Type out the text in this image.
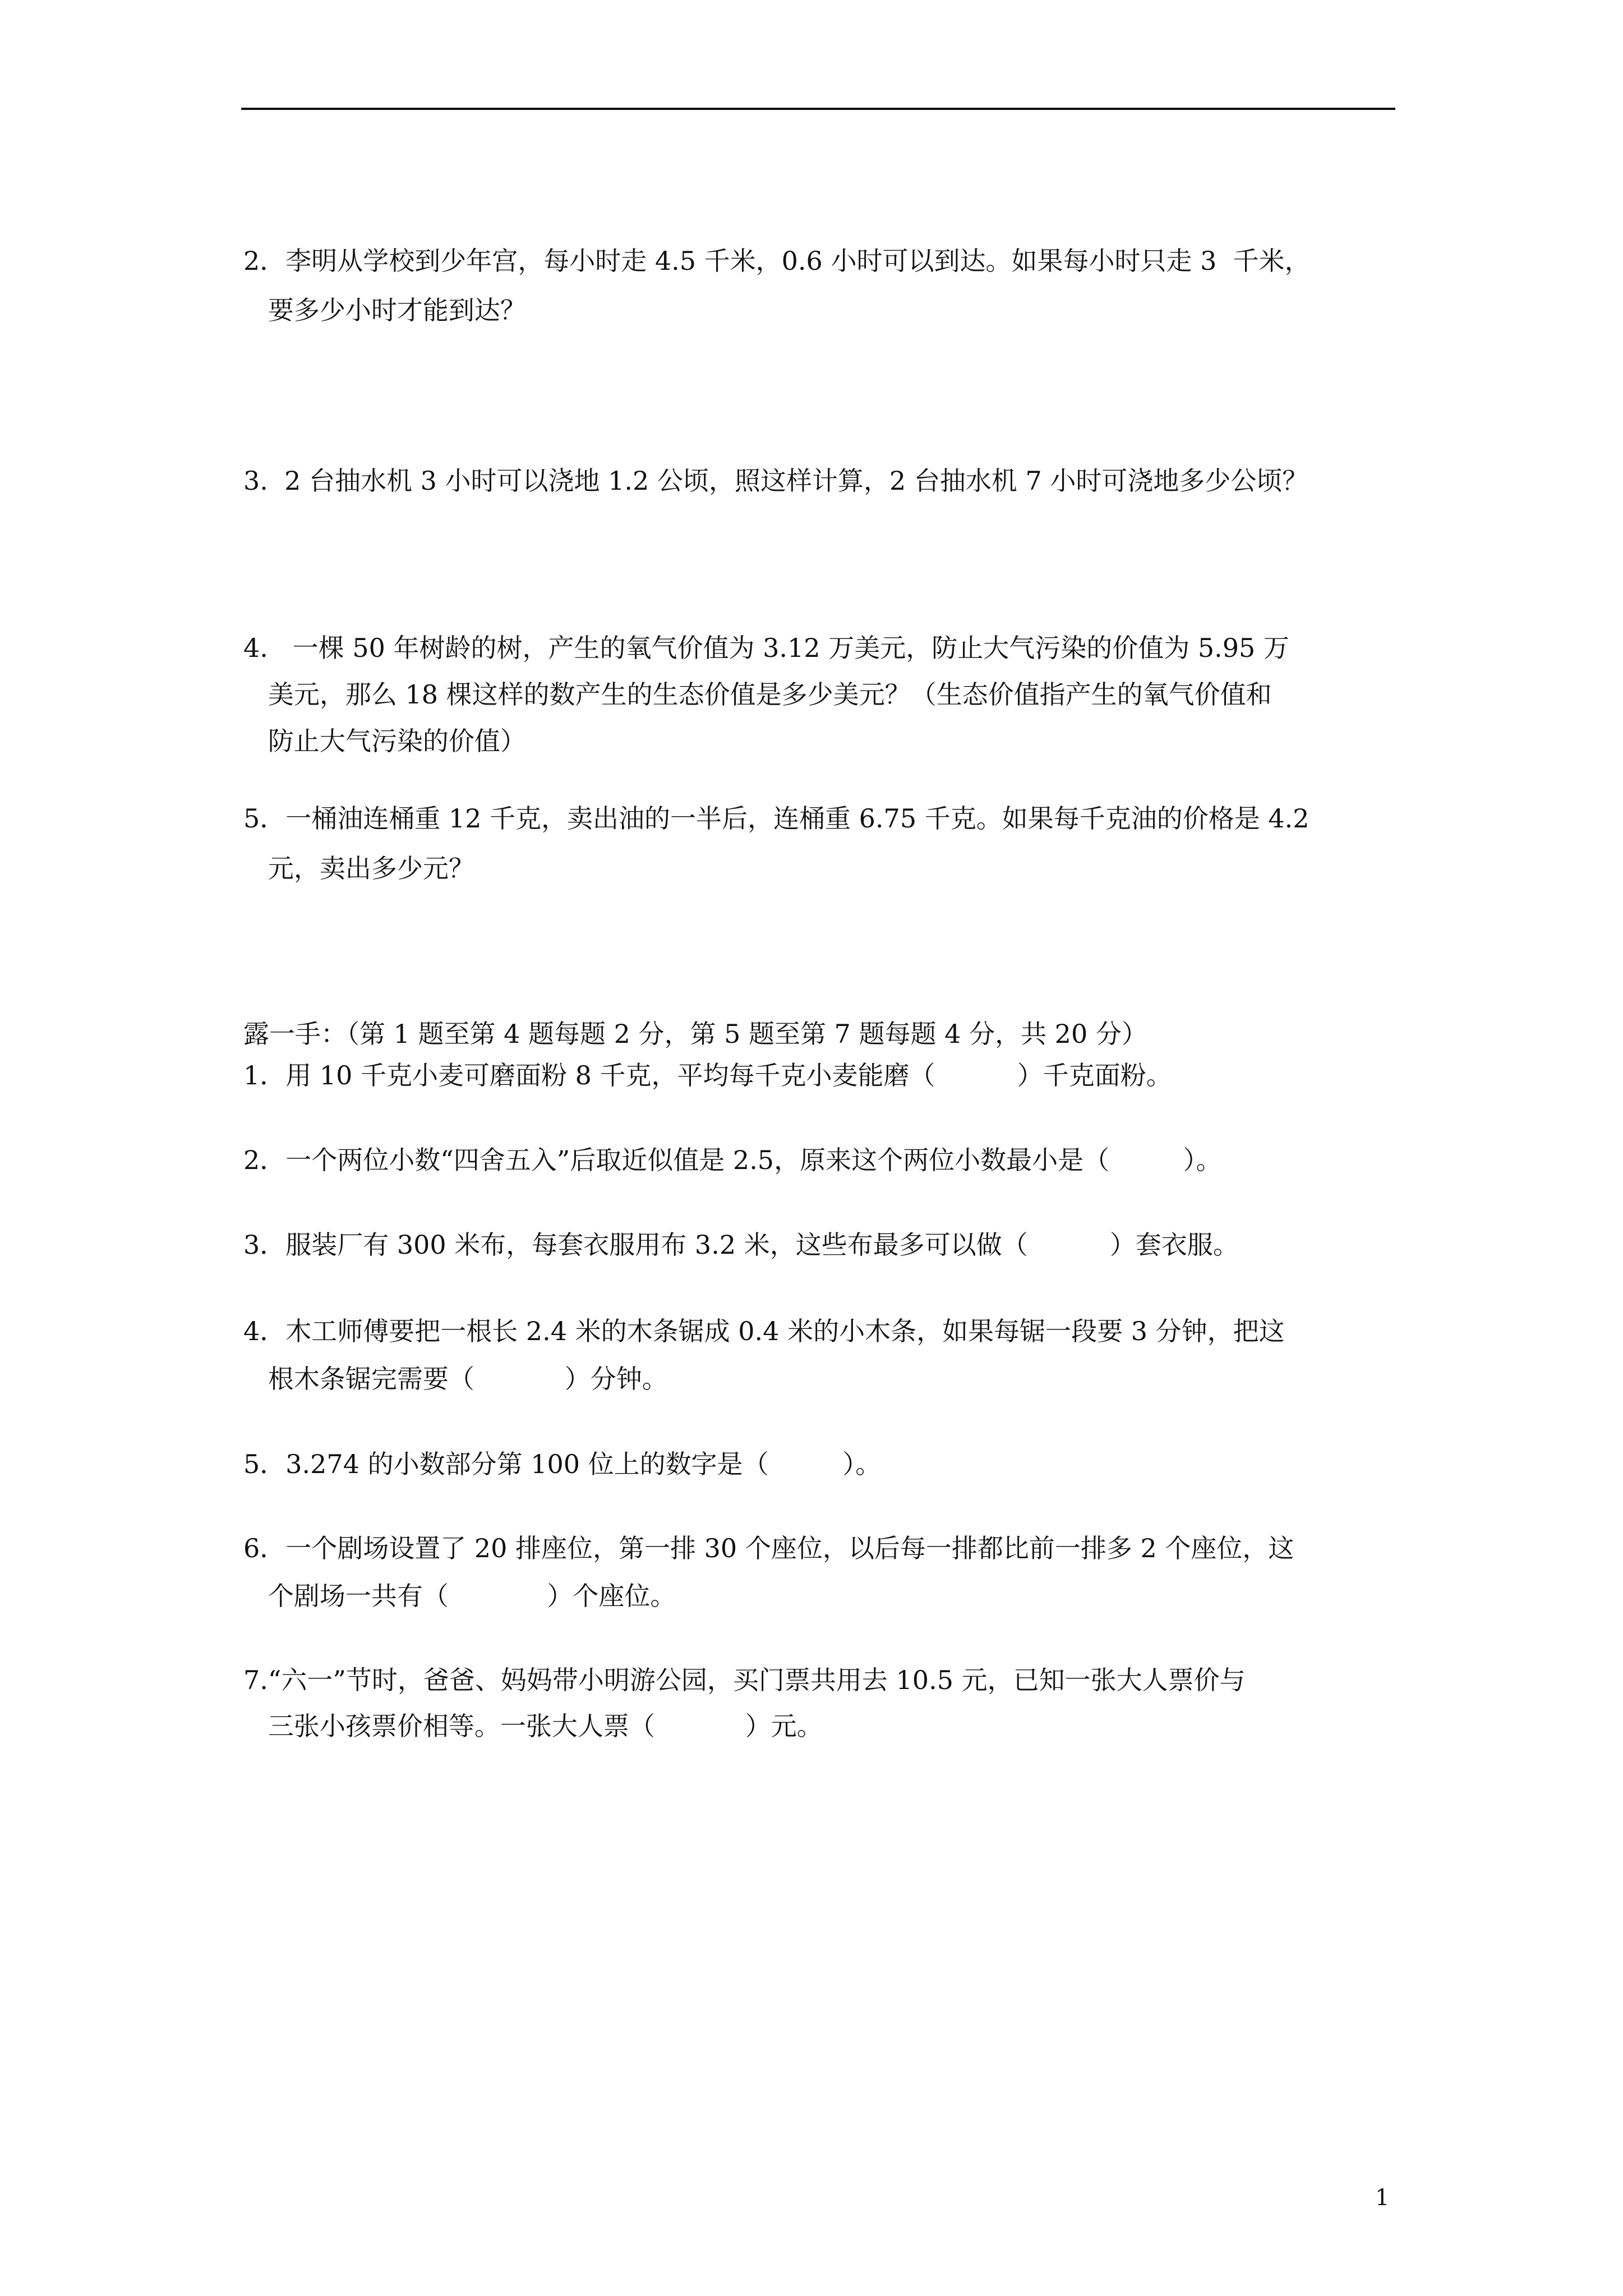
2．李明从学校到少年宫，每小时走 4.5 千米，0.6 小时可以到达。如果每小时只走 3  千米，
要多少小时才能到达？
3.  2 台抽水机 3 小时可以浇地 1.2 公顷，照这样计算，2 台抽水机 7 小时可浇地多少公顷？
4.   一棵 50 年树龄的树，产生的氧气价值为 3.12 万美元，防止大气污染的价值为 5.95 万
美元，那么 18 棵这样的数产生的生态价值是多少美元？（生态价值指产生的氧气价值和
防止大气污染的价值）
5．一桶油连桶重 12 千克，卖出油的一半后，连桶重 6.75 千克。如果每千克油的价格是 4.2
元，卖出多少元？
露一手：（第 1 题至第 4 题每题 2 分，第 5 题至第 7 题每题 4 分，共 20 分）
1．用 10 千克小麦可磨面粉 8 千克，平均每千克小麦能磨（          ）千克面粉。
2．一个两位小数“四舍五入”后取近似值是 2.5，原来这个两位小数最小是（         ）。
3．服装厂有 300 米布，每套衣服用布 3.2 米，这些布最多可以做（          ）套衣服。
4．木工师傅要把一根长 2.4 米的木条锯成 0.4 米的小木条，如果每锯一段要 3 分钟，把这
根木条锯完需要（           ）分钟。
5．3.274 的小数部分第 100 位上的数字是（         ）。
6．一个剧场设置了 20 排座位，第一排 30 个座位，以后每一排都比前一排多 2 个座位，这
个剧场一共有（            ）个座位。
7.“六一”节时，爸爸、妈妈带小明游公园，买门票共用去 10.5 元，已知一张大人票价与
三张小孩票价相等。一张大人票（           ）元。
1
